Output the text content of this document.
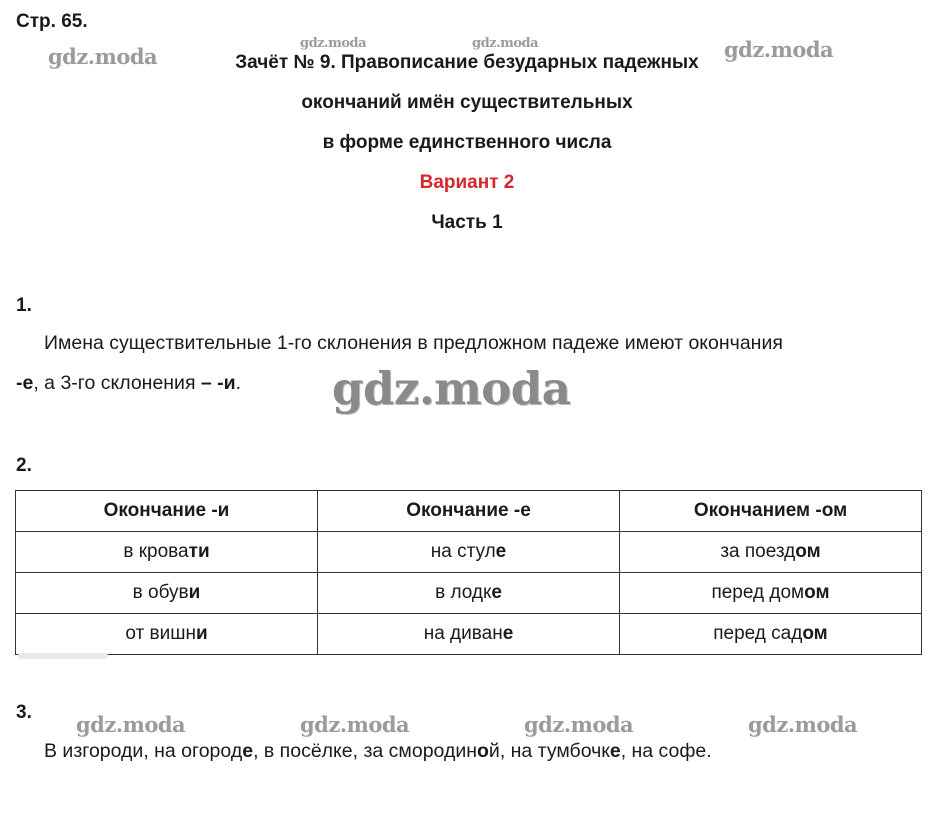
Стр. 65.
gdz.moda
gdz.moda	gdz.moda	gdz.moda
gdz.moda
gdz.moda	gdz.moda	gdz.moda	gdz.moda
Зачёт № 9. Правописание безударных падежных
окончаний имён существительных
в форме единственного числа
Вариант 2
Часть 1
1.
Имена существительные 1-го склонения в предложном падеже имеют окончания
-е, а 3-го склонения – -и.
2.
Окончание -и	Окончание -е	Окончанием -ом
в кровати	на стуле	за поездом
в обуви	в лодке	перед домом
от вишни	на диване	перед садом
3.
В изгороди, на огороде, в посёлке, за смородиной, на тумбочке, на софе.
